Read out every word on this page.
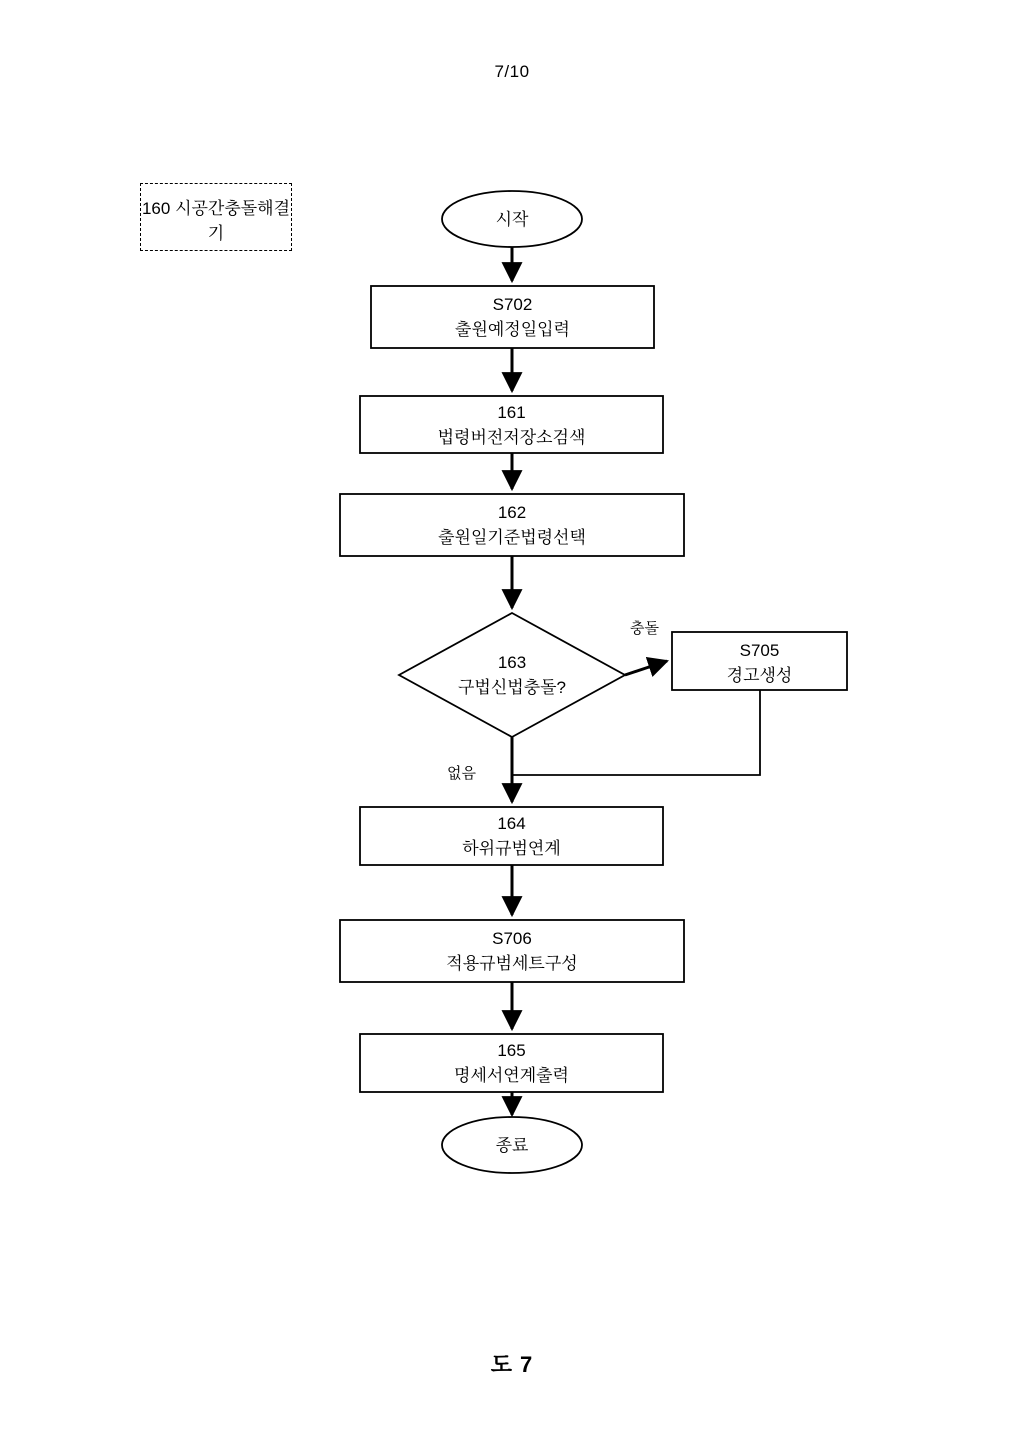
7/10
160 시공간충돌해결기
시작
S702
출원예정일입력
161
법령버전저장소검색
162
출원일기준법령선택
163
구법신법충돌?
S705
경고생성
164
하위규범연계
S706
적용규범세트구성
165
명세서연계출력
종료
충돌
없음
도 7
